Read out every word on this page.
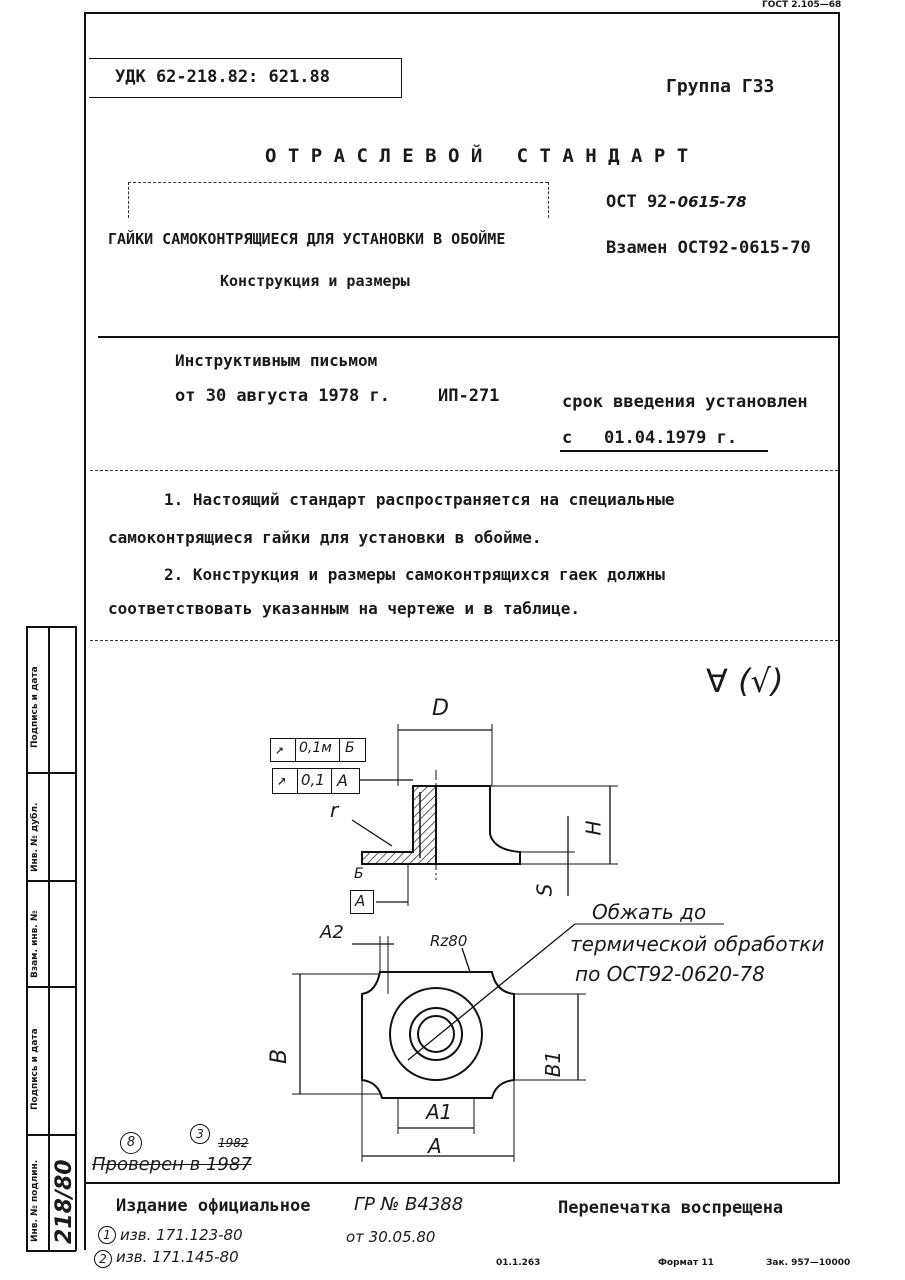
ГОСТ 2.105—68
УДК 62-218.82: 621.88	Группа Г33
О Т Р А С Л Е В О Й   С Т А Н Д А Р Т
ОСТ 92-0615-78
ГАЙКИ САМОКОНТРЯЩИЕСЯ ДЛЯ УСТАНОВКИ В ОБОЙМЕ	Взамен ОСТ92-0615-70
Конструкция и размеры
Инструктивным письмом
от 30 августа 1978 г.	ИП-271	срок введения установлен
с 01.04.1979 г.
1. Настоящий стандарт распространяется на специальные
самоконтрящиеся гайки для установки в обойме.
2. Конструкция и размеры самоконтрящихся гаек должны
соответствовать указанным на чертеже и в таблице.
∀ (√)
D
H
S
r
↗ 0,1м Б
↗ 0,1 А
Б
А
A2	Rz80
B	B1
A1
A
Обжать до
термической обработки
по ОСТ92-0620-78
Подпись и дата
Инв. № дубл.
Взам. инв. №
Подпись и дата
Инв. № подлин. 218/80
8
3
1982
Проверен в 1987
Издание официальное ГР № В4388	Перепечатка воспрещена
1 изв. 171.123-80	от 30.05.80
2 изв. 171.145-80	01.1.263	Формат 11	Зак. 957—10000
